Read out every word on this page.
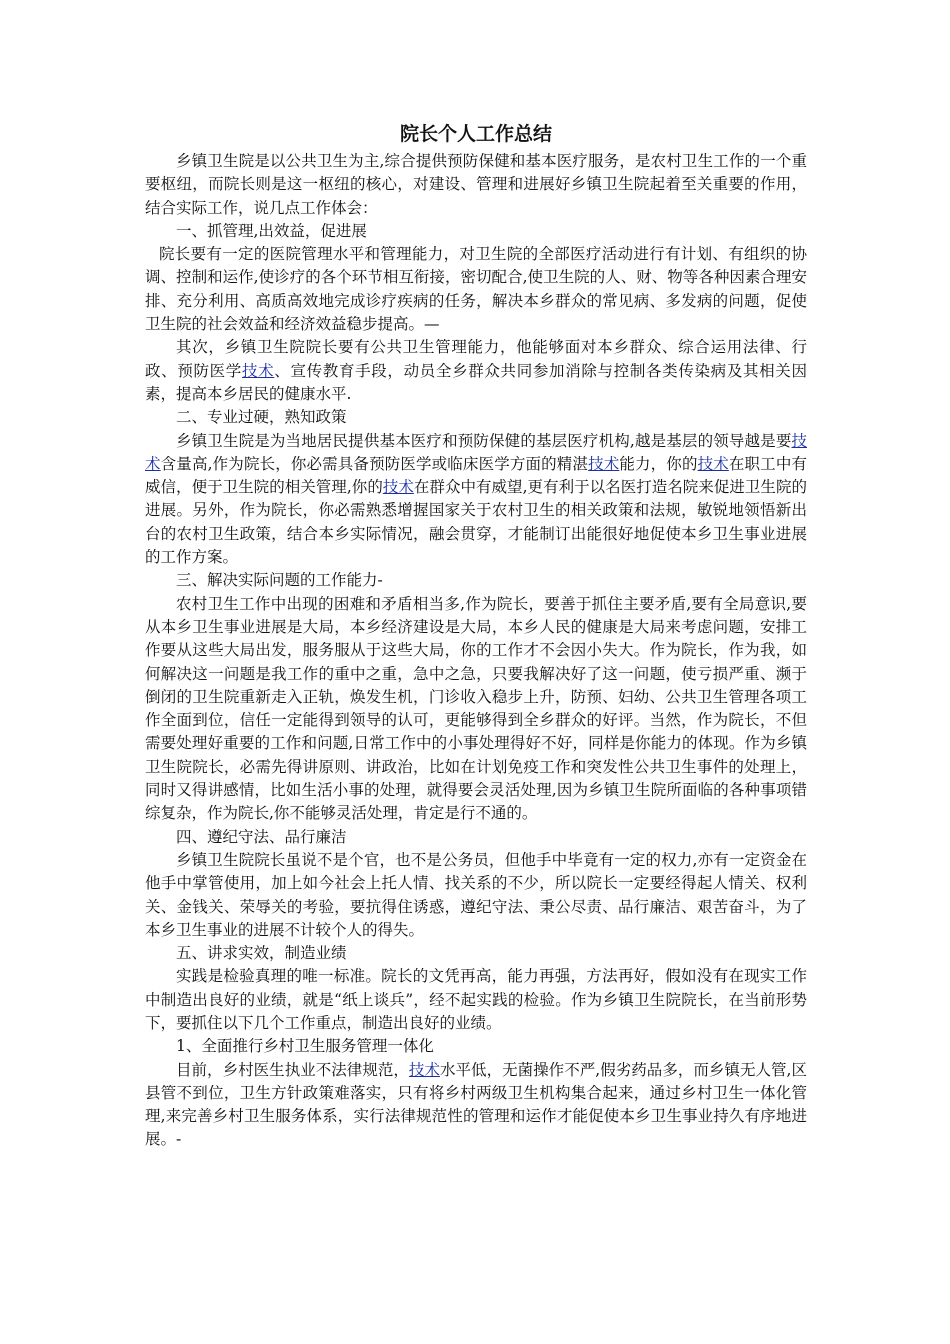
院长个人工作总结

乡镇卫生院是以公共卫生为主,综合提供预防保健和基本医疗服务，是农村卫生工作的一个重要枢纽，而院长则是这一枢纽的核心，对建设、管理和进展好乡镇卫生院起着至关重要的作用，结合实际工作，说几点工作体会：

一、抓管理,出效益，促进展

院长要有一定的医院管理水平和管理能力，对卫生院的全部医疗活动进行有计划、有组织的协调、控制和运作,使诊疗的各个环节相互衔接，密切配合,使卫生院的人、财、物等各种因素合理安排、充分利用、高质高效地完成诊疗疾病的任务，解决本乡群众的常见病、多发病的问题，促使卫生院的社会效益和经济效益稳步提高。—

其次，乡镇卫生院院长要有公共卫生管理能力，他能够面对本乡群众、综合运用法律、行政、预防医学技术、宣传教育手段，动员全乡群众共同参加消除与控制各类传染病及其相关因素，提高本乡居民的健康水平.

二、专业过硬，熟知政策

乡镇卫生院是为当地居民提供基本医疗和预防保健的基层医疗机构,越是基层的领导越是要技术含量高,作为院长，你必需具备预防医学或临床医学方面的精湛技术能力，你的技术在职工中有威信，便于卫生院的相关管理,你的技术在群众中有威望,更有利于以名医打造名院来促进卫生院的进展。另外，作为院长，你必需熟悉增握国家关于农村卫生的相关政策和法规，敏锐地领悟新出台的农村卫生政策，结合本乡实际情况，融会贯穿，才能制订出能很好地促使本乡卫生事业进展的工作方案。

三、解决实际问题的工作能力-

农村卫生工作中出现的困难和矛盾相当多,作为院长，要善于抓住主要矛盾,要有全局意识,要从本乡卫生事业进展是大局，本乡经济建设是大局，本乡人民的健康是大局来考虑问题，安排工作要从这些大局出发，服务服从于这些大局，你的工作才不会因小失大。作为院长，作为我，如何解决这一问题是我工作的重中之重，急中之急，只要我解决好了这一问题，使亏损严重、濒于倒闭的卫生院重新走入正轨，焕发生机，门诊收入稳步上升，防预、妇幼、公共卫生管理各项工作全面到位，信任一定能得到领导的认可，更能够得到全乡群众的好评。当然，作为院长，不但需要处理好重要的工作和问题,日常工作中的小事处理得好不好，同样是你能力的体现。作为乡镇卫生院院长，必需先得讲原则、讲政治，比如在计划免疫工作和突发性公共卫生事件的处理上，同时又得讲感情，比如生活小事的处理，就得要会灵活处理,因为乡镇卫生院所面临的各种事项错综复杂，作为院长,你不能够灵活处理，肯定是行不通的。

四、遵纪守法、品行廉洁

乡镇卫生院院长虽说不是个官，也不是公务员，但他手中毕竟有一定的权力,亦有一定资金在他手中掌管使用，加上如今社会上托人情、找关系的不少，所以院长一定要经得起人情关、权利关、金钱关、荣辱关的考验，要抗得住诱惑，遵纪守法、秉公尽责、品行廉洁、艰苦奋斗，为了本乡卫生事业的进展不计较个人的得失。

五、讲求实效，制造业绩

实践是检验真理的唯一标准。院长的文凭再高，能力再强，方法再好，假如没有在现实工作中制造出良好的业绩，就是“纸上谈兵”，经不起实践的检验。作为乡镇卫生院院长，在当前形势下，要抓住以下几个工作重点，制造出良好的业绩。

1、全面推行乡村卫生服务管理一体化

目前，乡村医生执业不法律规范，技术水平低，无菌操作不严,假劣药品多，而乡镇无人管,区县管不到位，卫生方针政策难落实，只有将乡村两级卫生机构集合起来，通过乡村卫生一体化管理,来完善乡村卫生服务体系，实行法律规范性的管理和运作才能促使本乡卫生事业持久有序地进展。-
